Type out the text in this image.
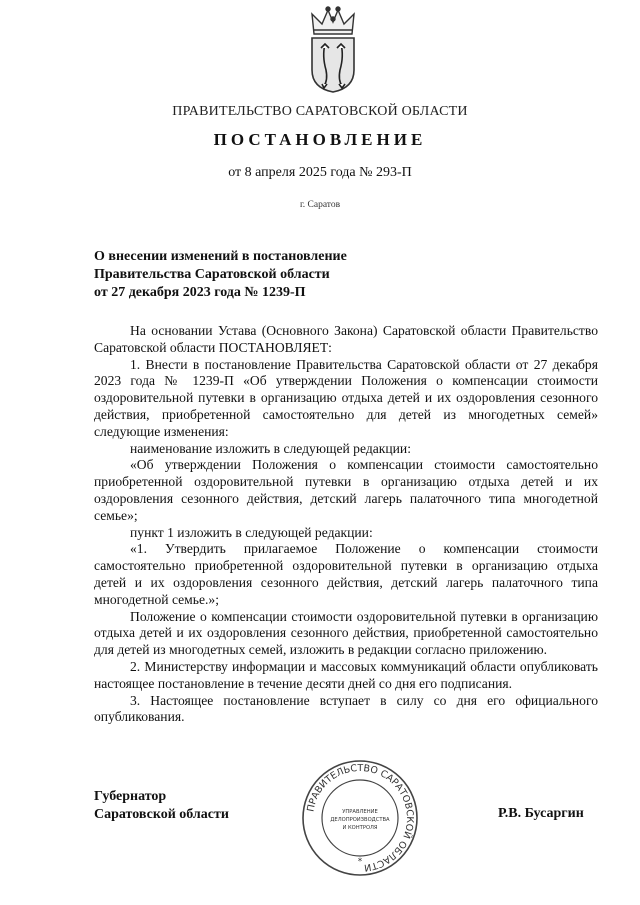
ПРАВИТЕЛЬСТВО САРАТОВСКОЙ ОБЛАСТИ
ПОСТАНОВЛЕНИЕ
от 8 апреля 2025 года № 293-П
г. Саратов
О внесении изменений в постановление
Правительства Саратовской области
от 27 декабря 2023 года № 1239-П

На основании Устава (Основного Закона) Саратовской области Правительство Саратовской области ПОСТАНОВЛЯЕТ:

1. Внести в постановление Правительства Саратовской области от 27 декабря 2023 года № 1239-П «Об утверждении Положения о компенсации стоимости оздоровительной путевки в организацию отдыха детей и их оздоровления сезонного действия, приобретенной самостоятельно для детей из многодетных семей» следующие изменения:

наименование изложить в следующей редакции:

«Об утверждении Положения о компенсации стоимости самостоятельно приобретенной оздоровительной путевки в организацию отдыха детей и их оздоровления сезонного действия, детский лагерь палаточного типа многодетной семье»;

пункт 1 изложить в следующей редакции:

«1. Утвердить прилагаемое Положение о компенсации стоимости самостоятельно приобретенной оздоровительной путевки в организацию отдыха детей и их оздоровления сезонного действия, детский лагерь палаточного типа многодетной семье.»;

Положение о компенсации стоимости оздоровительной путевки в организацию отдыха детей и их оздоровления сезонного действия, приобретенной самостоятельно для детей из многодетных семей, изложить в редакции согласно приложению.

2. Министерству информации и массовых коммуникаций области опубликовать настоящее постановление в течение десяти дней со дня его подписания.

3. Настоящее постановление вступает в силу со дня его официального опубликования.

Губернатор
Саратовской области	Р.В. Бусаргин
ПРАВИТЕЛЬСТВО САРАТОВСКОЙ ОБЛАСТИ
УПРАВЛЕНИЕ
ДЕЛОПРОИЗВОДСТВА
И КОНТРОЛЯ
*
